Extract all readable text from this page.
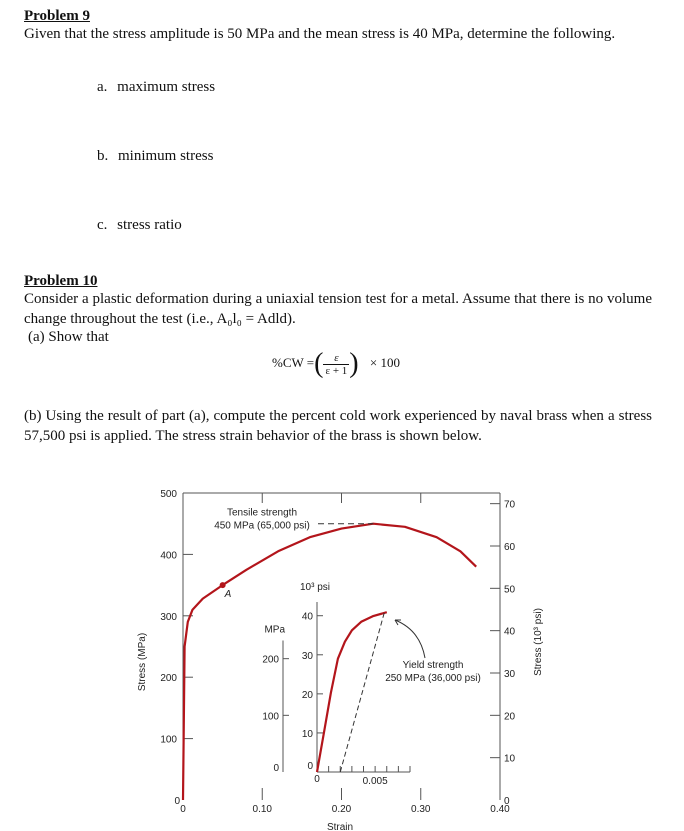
Problem 9
Given that the stress amplitude is 50 MPa and the mean stress is 40 MPa, determine the following.
a. maximum stress
b. minimum stress
c. stress ratio
Problem 10
Consider a plastic deformation during a uniaxial tension test for a metal. Assume that there is no volume change throughout the test (i.e., A₀l₀ = Adld).
(a) Show that
%CW =( $\frac{\varepsilon}{\varepsilon + 1}$ ) × 100
(b) Using the result of part (a), compute the percent cold work experienced by naval brass when a stress 57,500 psi is applied. The stress strain behavior of the brass is shown below.
0
100
200
300
400
500
0
10
20
30
40
50
60
70
0	0.10	0.20	0.30	0.40
0	0.005
0
10
20
30
40
10³ psi
0
100
200
MPa
Strain
Stress (MPa)	Stress (10³ psi)
Tensile strength
450 MPa (65,000 psi)
A
Yield strength
250 MPa (36,000 psi)
